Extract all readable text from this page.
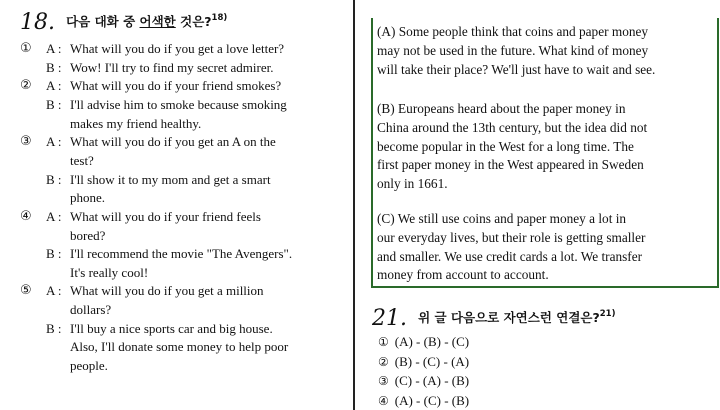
18. 다음 대화 중 어색한 것은?$^{18)}$
① A : What will you do if you get a love letter?
B : Wow! I'll try to find my secret admirer.
② A : What will you do if your friend smokes?
B : I'll advise him to smoke because smoking
makes my friend healthy.
③ A : What will you do if you get an A on the
test?
B : I'll show it to my mom and get a smart
phone.
④ A : What will you do if your friend feels
bored?
B : I'll recommend the movie "The Avengers".
It's really cool!
⑤ A : What will you do if you get a million
dollars?
B : I'll buy a nice sports car and big house.
Also, I'll donate some money to help poor
people.
(A) Some people think that coins and paper money
may not be used in the future. What kind of money
will take their place? We'll just have to wait and see.
(B) Europeans heard about the paper money in
China around the 13th century, but the idea did not
become popular in the West for a long time. The
first paper money in the West appeared in Sweden
only in 1661.
(C) We still use coins and paper money a lot in
our everyday lives, but their role is getting smaller
and smaller. We use credit cards a lot. We transfer
money from account to account.
21. 위 글 다음으로 자연스런 연결은?$^{21)}$
① (A) - (B) - (C)
② (B) - (C) - (A)
③ (C) - (A) - (B)
④ (A) - (C) - (B)
